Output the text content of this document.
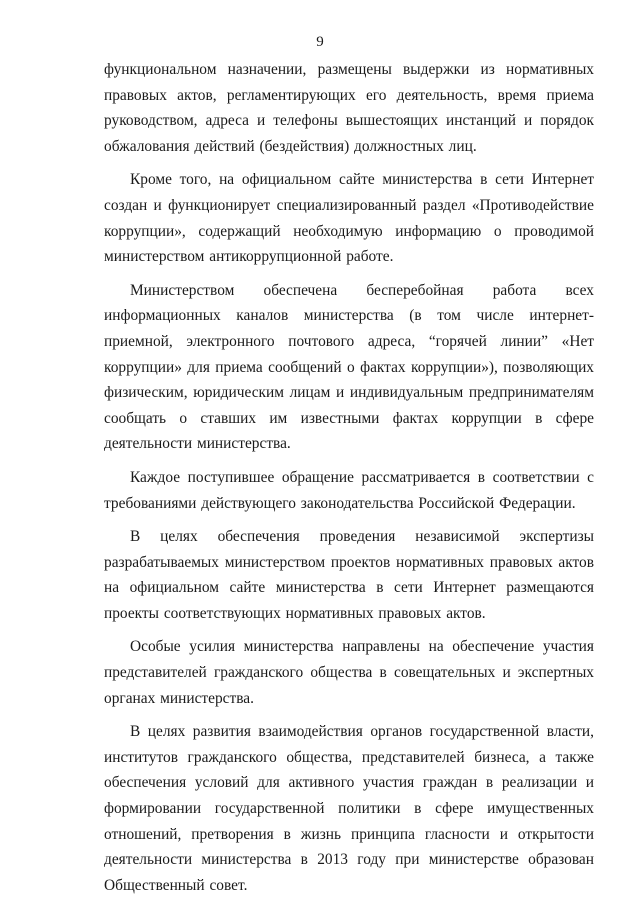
9

функциональном назначении, размещены выдержки из нормативных правовых актов, регламентирующих его деятельность, время приема руководством, адреса и телефоны вышестоящих инстанций и порядок обжалования действий (бездействия) должностных лиц.

Кроме того, на официальном сайте министерства в сети Интернет создан и функционирует специализированный раздел «Противодействие коррупции», содержащий необходимую информацию о проводимой министерством антикоррупционной работе.

Министерством обеспечена бесперебойная работа всех информационных каналов министерства (в том числе интернет-приемной, электронного почтового адреса, “горячей линии” «Нет коррупции» для приема сообщений о фактах коррупции»), позволяющих физическим, юридическим лицам и индивидуальным предпринимателям сообщать о ставших им известными фактах коррупции в сфере деятельности министерства.

Каждое поступившее обращение рассматривается в соответствии с требованиями действующего законодательства Российской Федерации.

В целях обеспечения проведения независимой экспертизы разрабатываемых министерством проектов нормативных правовых актов на официальном сайте министерства в сети Интернет размещаются проекты соответствующих нормативных правовых актов.

Особые усилия министерства направлены на обеспечение участия представителей гражданского общества в совещательных и экспертных органах министерства.

В целях развития взаимодействия органов государственной власти, институтов гражданского общества, представителей бизнеса, а также обеспечения условий для активного участия граждан в реализации и формировании государственной политики в сфере имущественных отношений, претворения в жизнь принципа гласности и открытости деятельности министерства в 2013 году при министерстве образован Общественный совет.
